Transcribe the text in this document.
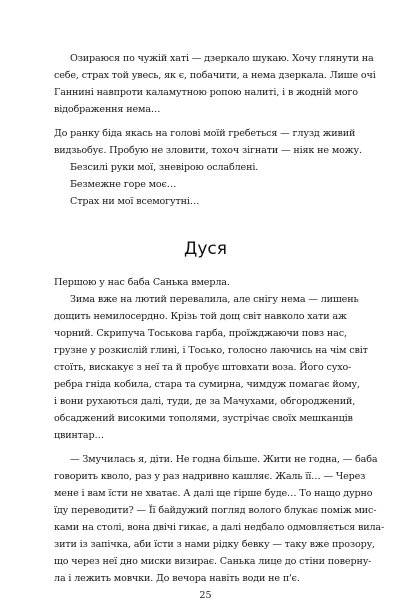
Озираюся по чужій хаті — дзеркало шукаю. Хочу глянути на
себе, страх той увесь, як є, побачити, а нема дзеркала. Лише очі
Ганнині навпроти каламутною ропою налиті, і в жодній мого
відображення нема…
До ранку біда якась на голові моїй гребеться — глузд живий
видзьобує. Пробую не зловити, тохоч зігнати — ніяк не можу.
Безсилі руки мої, зневірою ослаблені.
Безмежне горе моє…
Страх ни мої всемогутні…
Дуся
Першою у нас баба Санька вмерла.
Зима вже на лютий перевалила, але снігу нема — лишень
дощить немилосердно. Крізь той дощ світ навколо хати аж
чорний. Скрипуча Тоськова гарба, проїжджаючи повз нас,
грузне у розкислій глині, і Тосько, голосно лаючись на чім світ
стоїть, вискакує з неї та й пробує штовхати воза. Його сухо-
ребра гніда кобила, стара та сумирна, чимдуж помагає йому,
і вони рухаються далі, туди, де за Мачухами, обгороджений,
обсаджений високими тополями, зустрічає своїх мешканців
цвинтар…
— Змучилась я, діти. Не годна більше. Жити не годна, — баба
говорить кволо, раз у раз надривно кашляє. Жаль її… — Через
мене і вам їсти не хватає. А далі ще гірше буде… То нащо дурно
їду переводити? — Її байдужий погляд волого блукає поміж мис-
ками на столі, вона двічі гикає, а далі недбало одмовляється вила-
зити із запічка, аби їсти з нами рідку бевку — таку вже прозору,
що через неї дно миски визирає. Санька лице до стіни поверну-
ла і лежить мовчки. До вечора навіть води не п'є.
25
